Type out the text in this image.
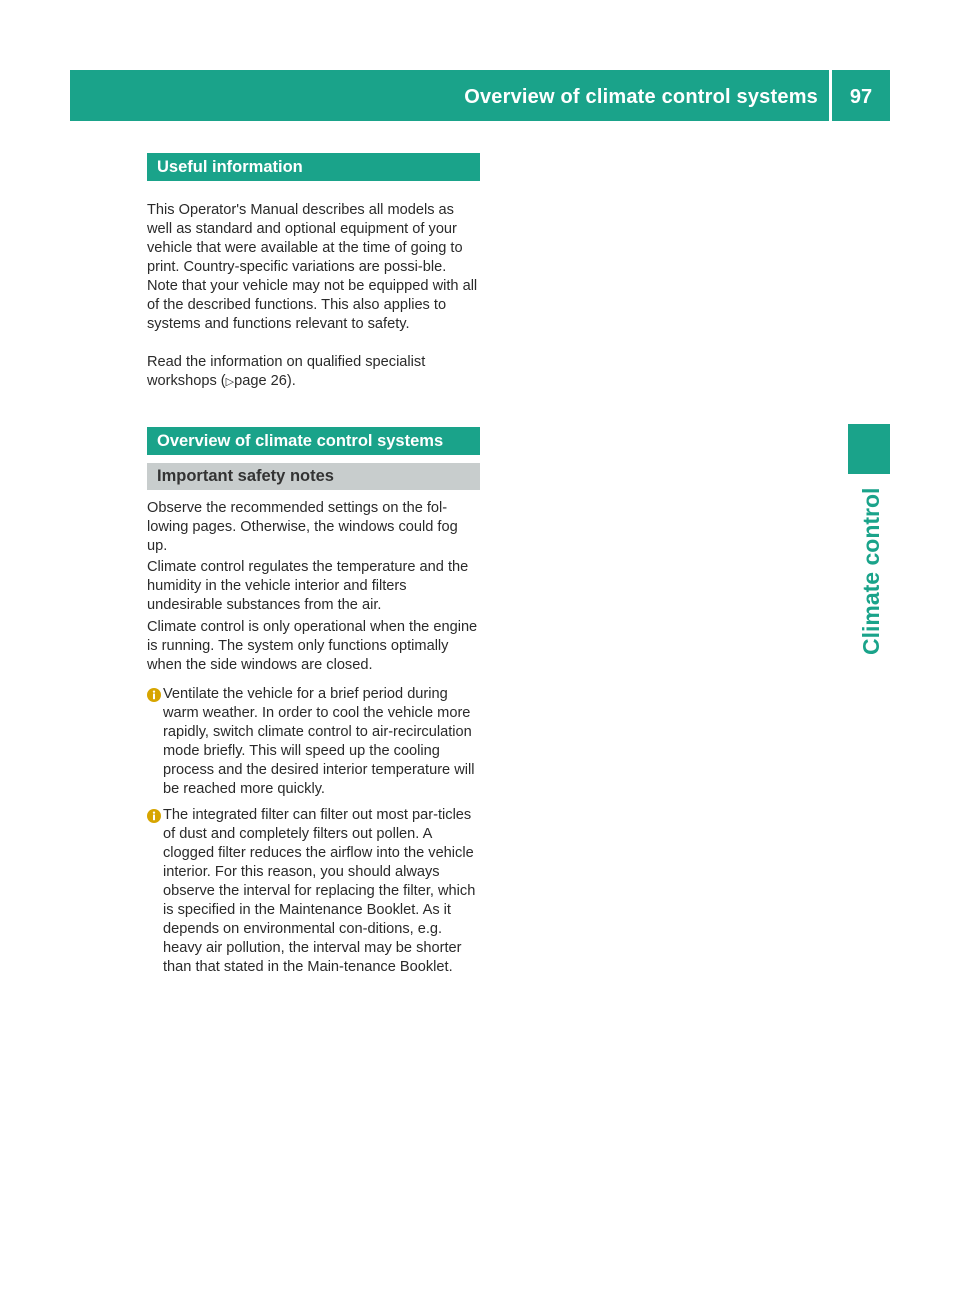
Overview of climate control systems	97
Climate control
Useful information

This Operator's Manual describes all models as well as standard and optional equipment of your vehicle that were available at the time of going to print. Country-specific variations are possi-ble. Note that your vehicle may not be equipped with all of the described functions. This also applies to systems and functions relevant to safety.

Read the information on qualified specialist workshops (▷page 26).

Overview of climate control systems
Important safety notes

Observe the recommended settings on the fol-lowing pages. Otherwise, the windows could fog up.

Climate control regulates the temperature and the humidity in the vehicle interior and filters undesirable substances from the air.

Climate control is only operational when the engine is running. The system only functions optimally when the side windows are closed.

Ventilate the vehicle for a brief period during warm weather. In order to cool the vehicle more rapidly, switch climate control to air-recirculation mode briefly. This will speed up the cooling process and the desired interior temperature will be reached more quickly.

The integrated filter can filter out most par-ticles of dust and completely filters out pollen. A clogged filter reduces the airflow into the vehicle interior. For this reason, you should always observe the interval for replacing the filter, which is specified in the Maintenance Booklet. As it depends on environmental con-ditions, e.g. heavy air pollution, the interval may be shorter than that stated in the Main-tenance Booklet.
